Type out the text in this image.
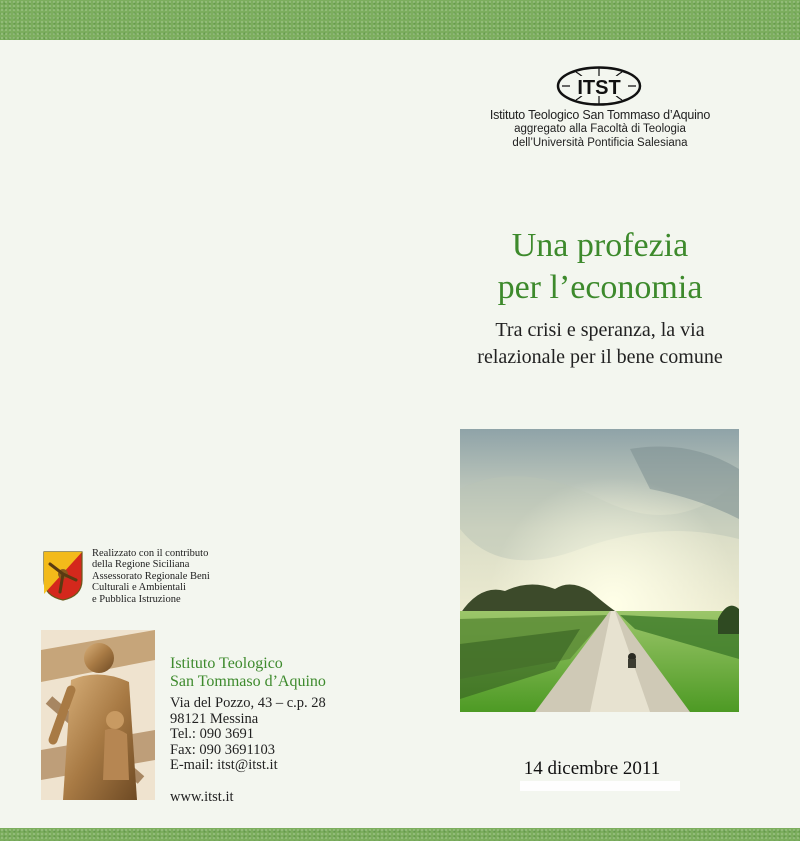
ITST
Istituto Teologico San Tommaso d’Aquino
aggregato alla Facoltà di Teologia
dell’Università Pontificia Salesiana
Una profezia
per l’economia
Tra crisi e speranza, la via
relazionale per il bene comune
14 dicembre 2011
Realizzato con il contributo
della Regione Siciliana
Assessorato Regionale Beni
Culturali e Ambientali
e Pubblica Istruzione
Istituto Teologico
San Tommaso d’Aquino
Via del Pozzo, 43 – c.p. 28
98121 Messina
Tel.: 090 3691
Fax: 090 3691103
E-mail: itst@itst.it
www.itst.it
